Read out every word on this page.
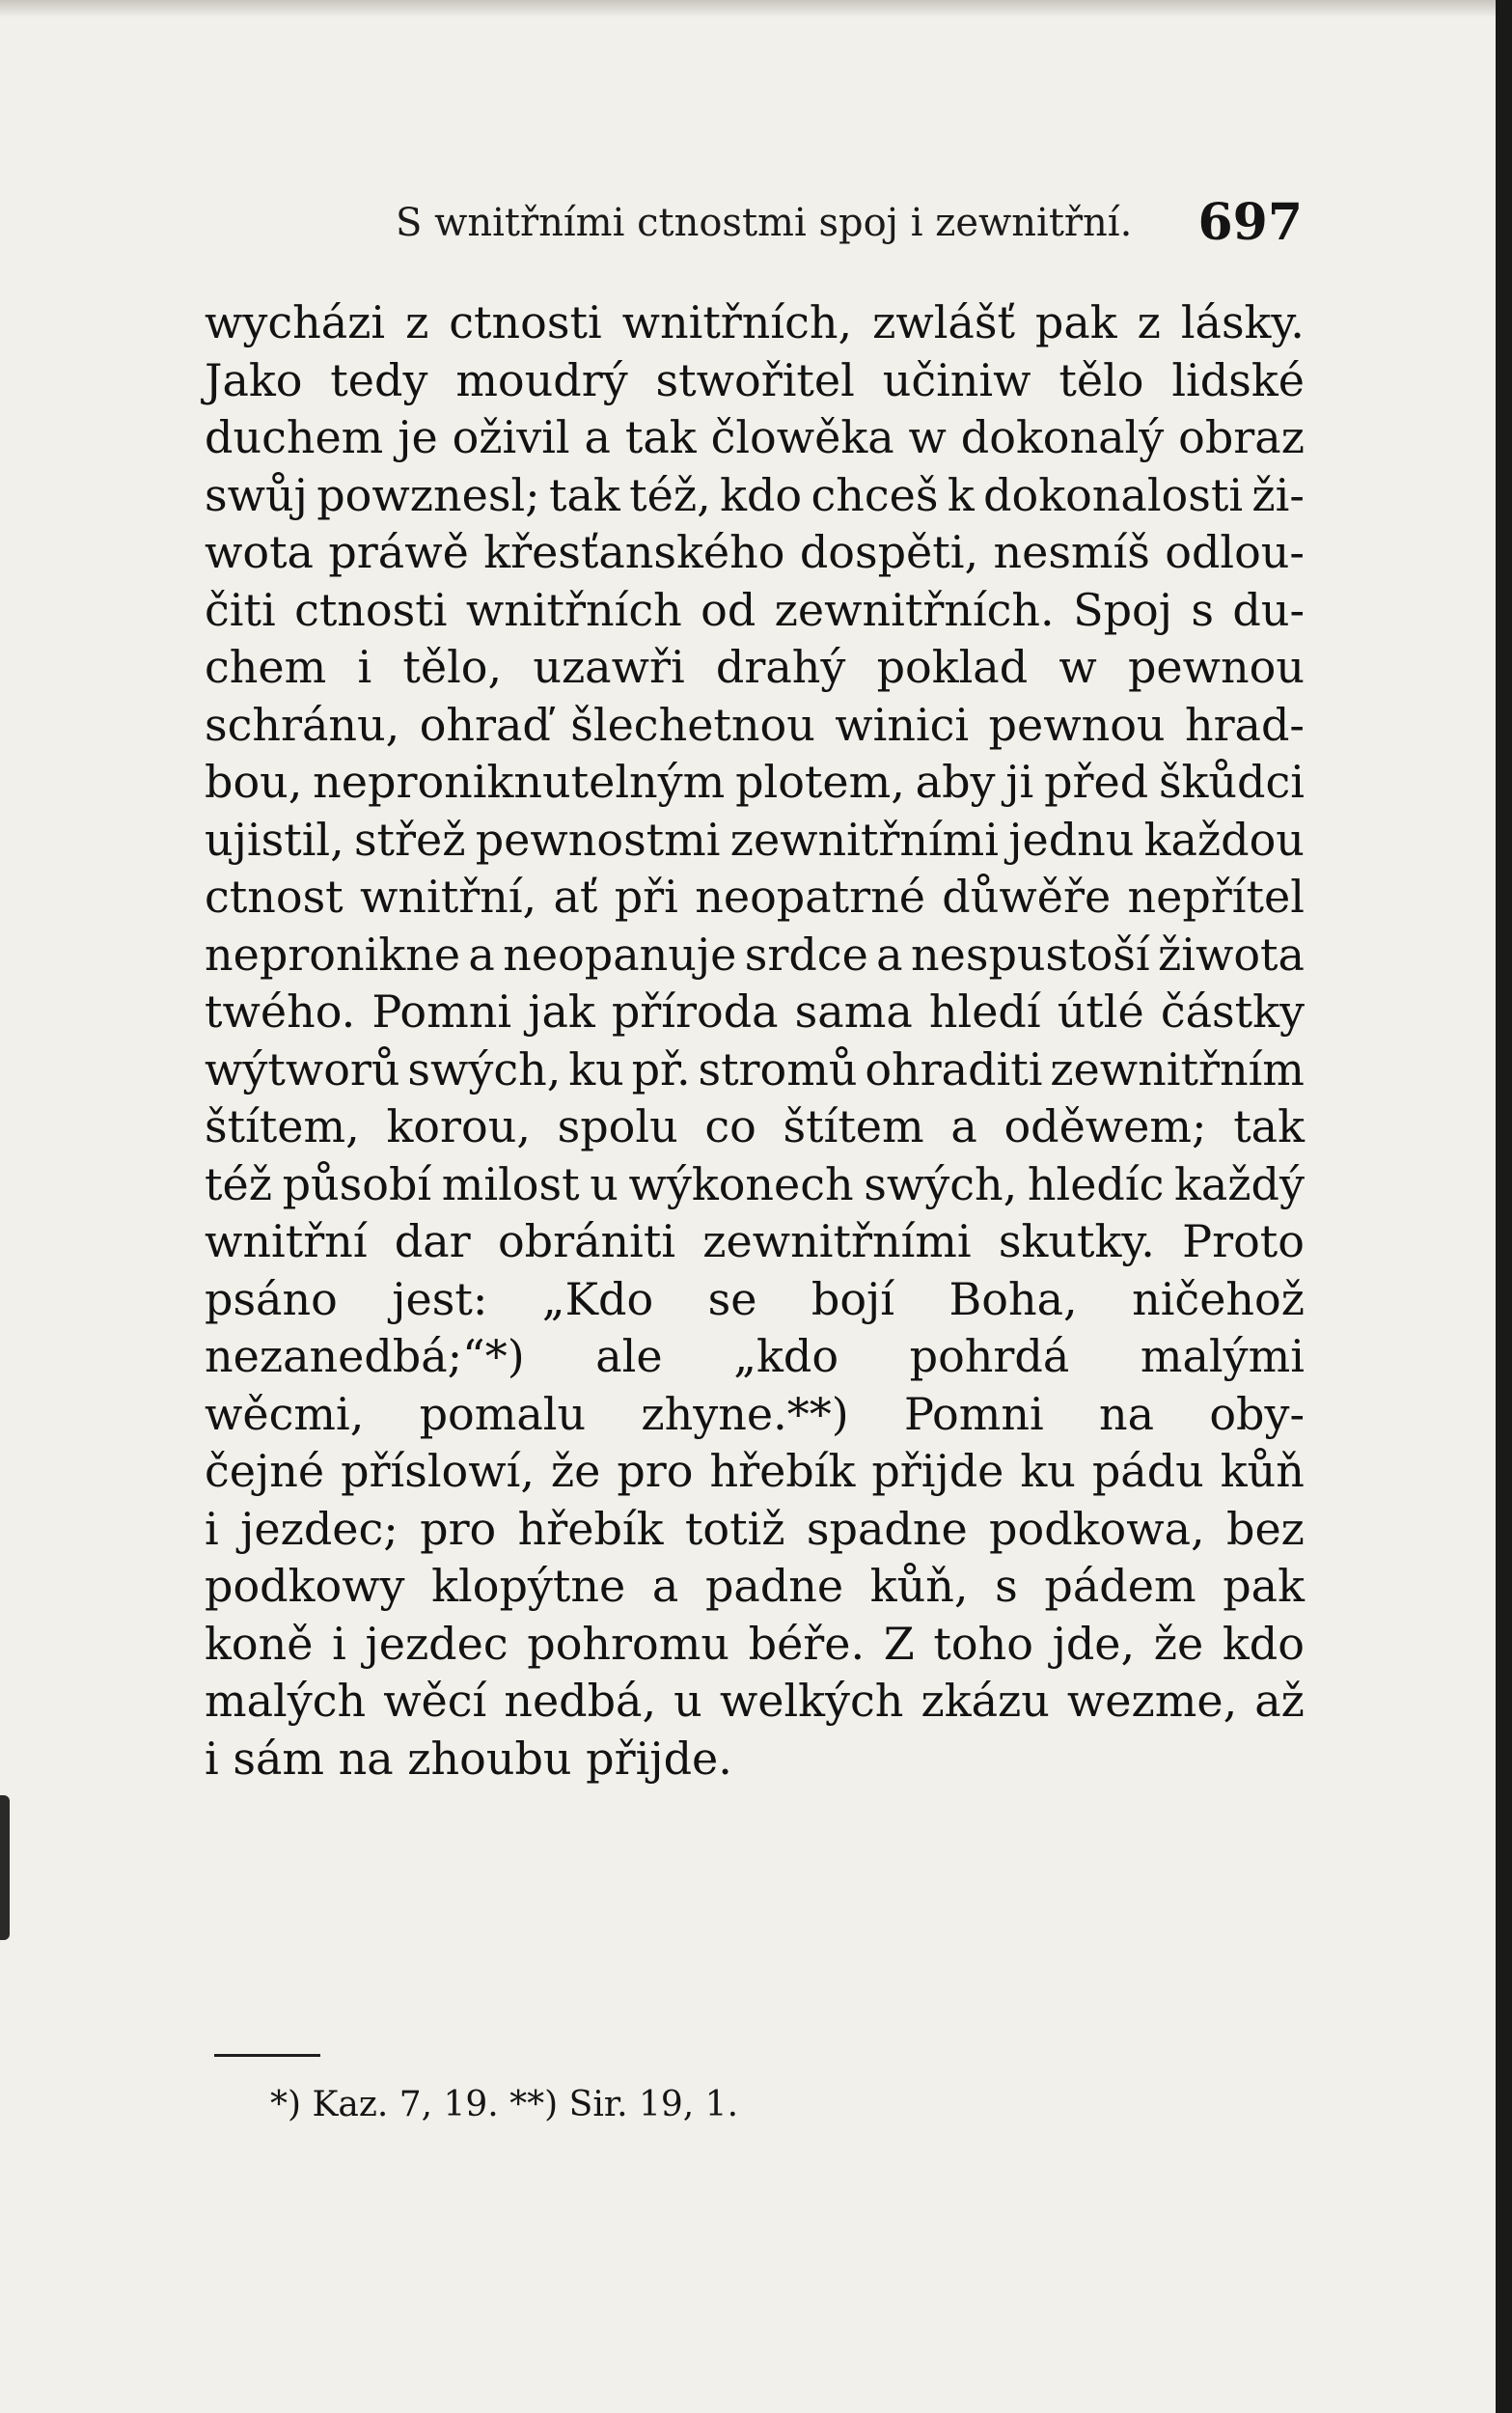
S wnitřními ctnostmi spoj i zewnitřní. 697
wycházi z ctnosti wnitřních, zwlášť pak z lásky.
Jako tedy moudrý stwořitel učiniw tělo lidské
duchem je oživil a tak člowěka w dokonalý obraz
swůj powznesl; tak též, kdo chceš k dokonalosti ži-
wota práwě křesťanského dospěti, nesmíš odlou-
čiti ctnosti wnitřních od zewnitřních. Spoj s du-
chem i tělo, uzawři drahý poklad w pewnou
schránu, ohraď šlechetnou winici pewnou hrad-
bou, neproniknutelným plotem, aby ji před škůdci
ujistil, střež pewnostmi zewnitřními jednu každou
ctnost wnitřní, ať při neopatrné důwěře nepřítel
nepronikne a neopanuje srdce a nespustoší žiwota
twého. Pomni jak příroda sama hledí útlé částky
wýtworů swých, ku př. stromů ohraditi zewnitřním
štítem, korou, spolu co štítem a oděwem; tak
též působí milost u wýkonech swých, hledíc každý
wnitřní dar obrániti zewnitřními skutky. Proto
psáno jest: „Kdo se bojí Boha, ničehož
nezanedbá;“*) ale „kdo pohrdá malými
wěcmi, pomalu zhyne.**) Pomni na oby-
čejné příslowí, že pro hřebík přijde ku pádu kůň
i jezdec; pro hřebík totiž spadne podkowa, bez
podkowy klopýtne a padne kůň, s pádem pak
koně i jezdec pohromu béře. Z toho jde, že kdo
malých wěcí nedbá, u welkých zkázu wezme, až
i sám na zhoubu přijde.
*) Kaz. 7, 19. **) Sir. 19, 1.
